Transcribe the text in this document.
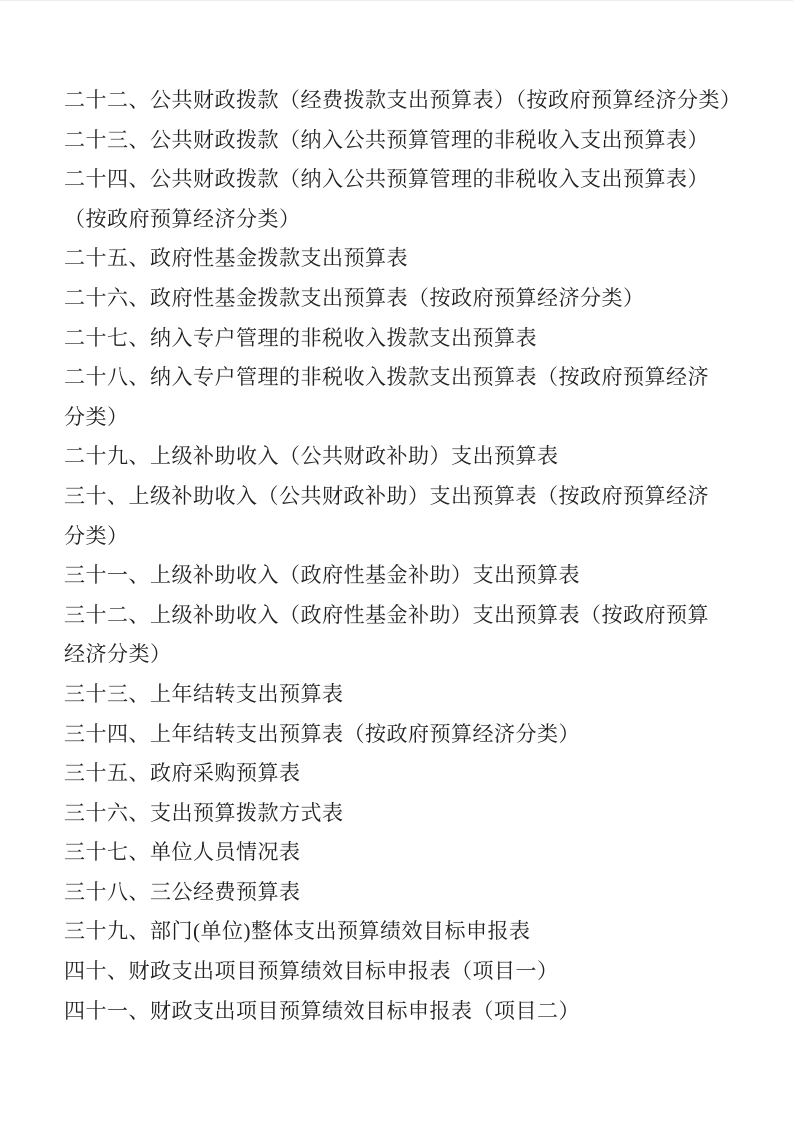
二十二、公共财政拨款（经费拨款支出预算表）（按政府预算经济分类）

二十三、公共财政拨款（纳入公共预算管理的非税收入支出预算表）

二十四、公共财政拨款（纳入公共预算管理的非税收入支出预算表）

（按政府预算经济分类）

二十五、政府性基金拨款支出预算表

二十六、政府性基金拨款支出预算表（按政府预算经济分类）

二十七、纳入专户管理的非税收入拨款支出预算表

二十八、纳入专户管理的非税收入拨款支出预算表（按政府预算经济

分类）

二十九、上级补助收入（公共财政补助）支出预算表

三十、上级补助收入（公共财政补助）支出预算表（按政府预算经济

分类）

三十一、上级补助收入（政府性基金补助）支出预算表

三十二、上级补助收入（政府性基金补助）支出预算表（按政府预算

经济分类）

三十三、上年结转支出预算表

三十四、上年结转支出预算表（按政府预算经济分类）

三十五、政府采购预算表

三十六、支出预算拨款方式表

三十七、单位人员情况表

三十八、三公经费预算表

三十九、部门(单位)整体支出预算绩效目标申报表

四十、财政支出项目预算绩效目标申报表（项目一）

四十一、财政支出项目预算绩效目标申报表（项目二）
